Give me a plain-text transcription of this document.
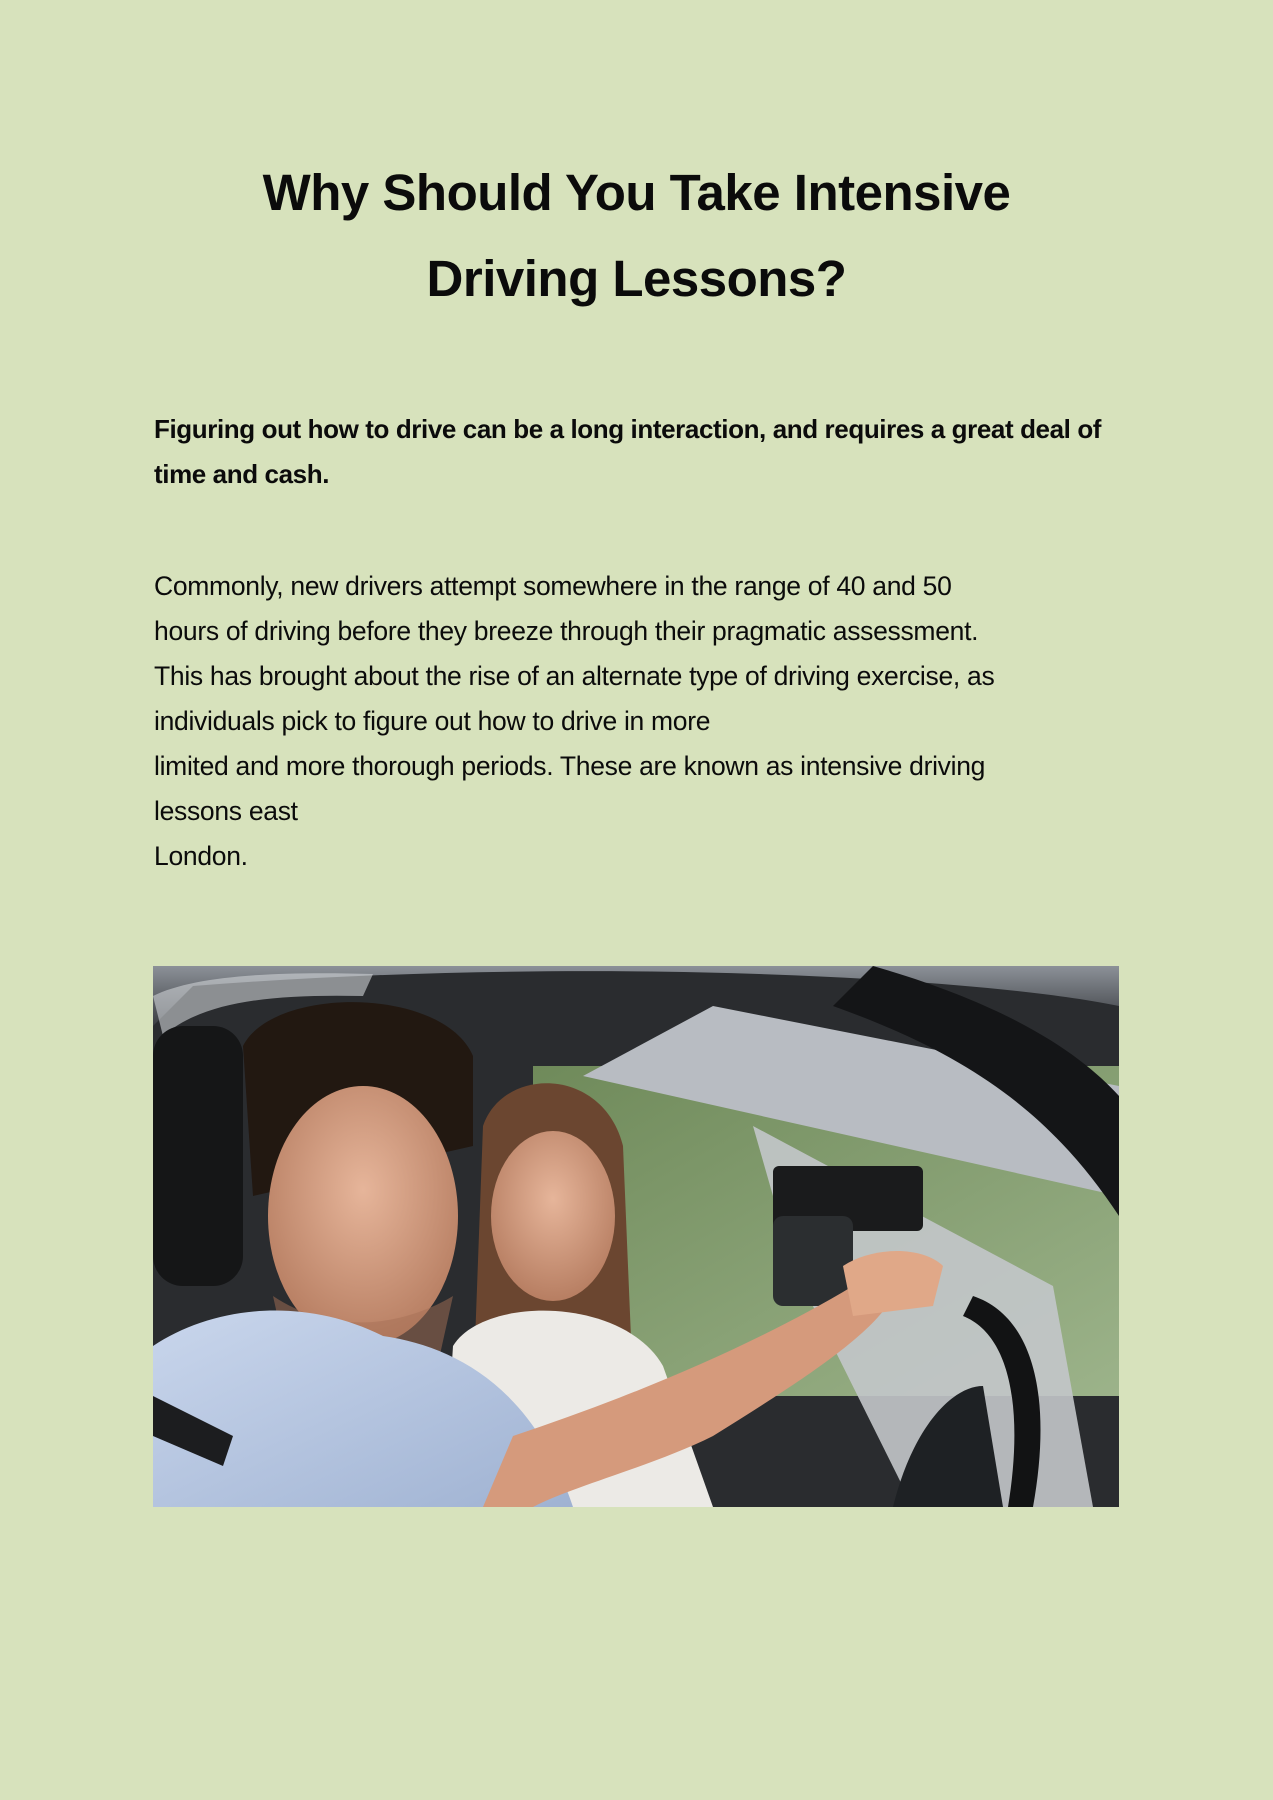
Why Should You Take Intensive
Driving Lessons?

Figuring out how to drive can be a long interaction, and requires a great deal of time and cash.

Commonly, new drivers attempt somewhere in the range of 40 and 50
hours of driving before they breeze through their pragmatic assessment.
This has brought about the rise of an alternate type of driving exercise, as
individuals pick to figure out how to drive in more
limited and more thorough periods. These are known as intensive driving
lessons east
London.
